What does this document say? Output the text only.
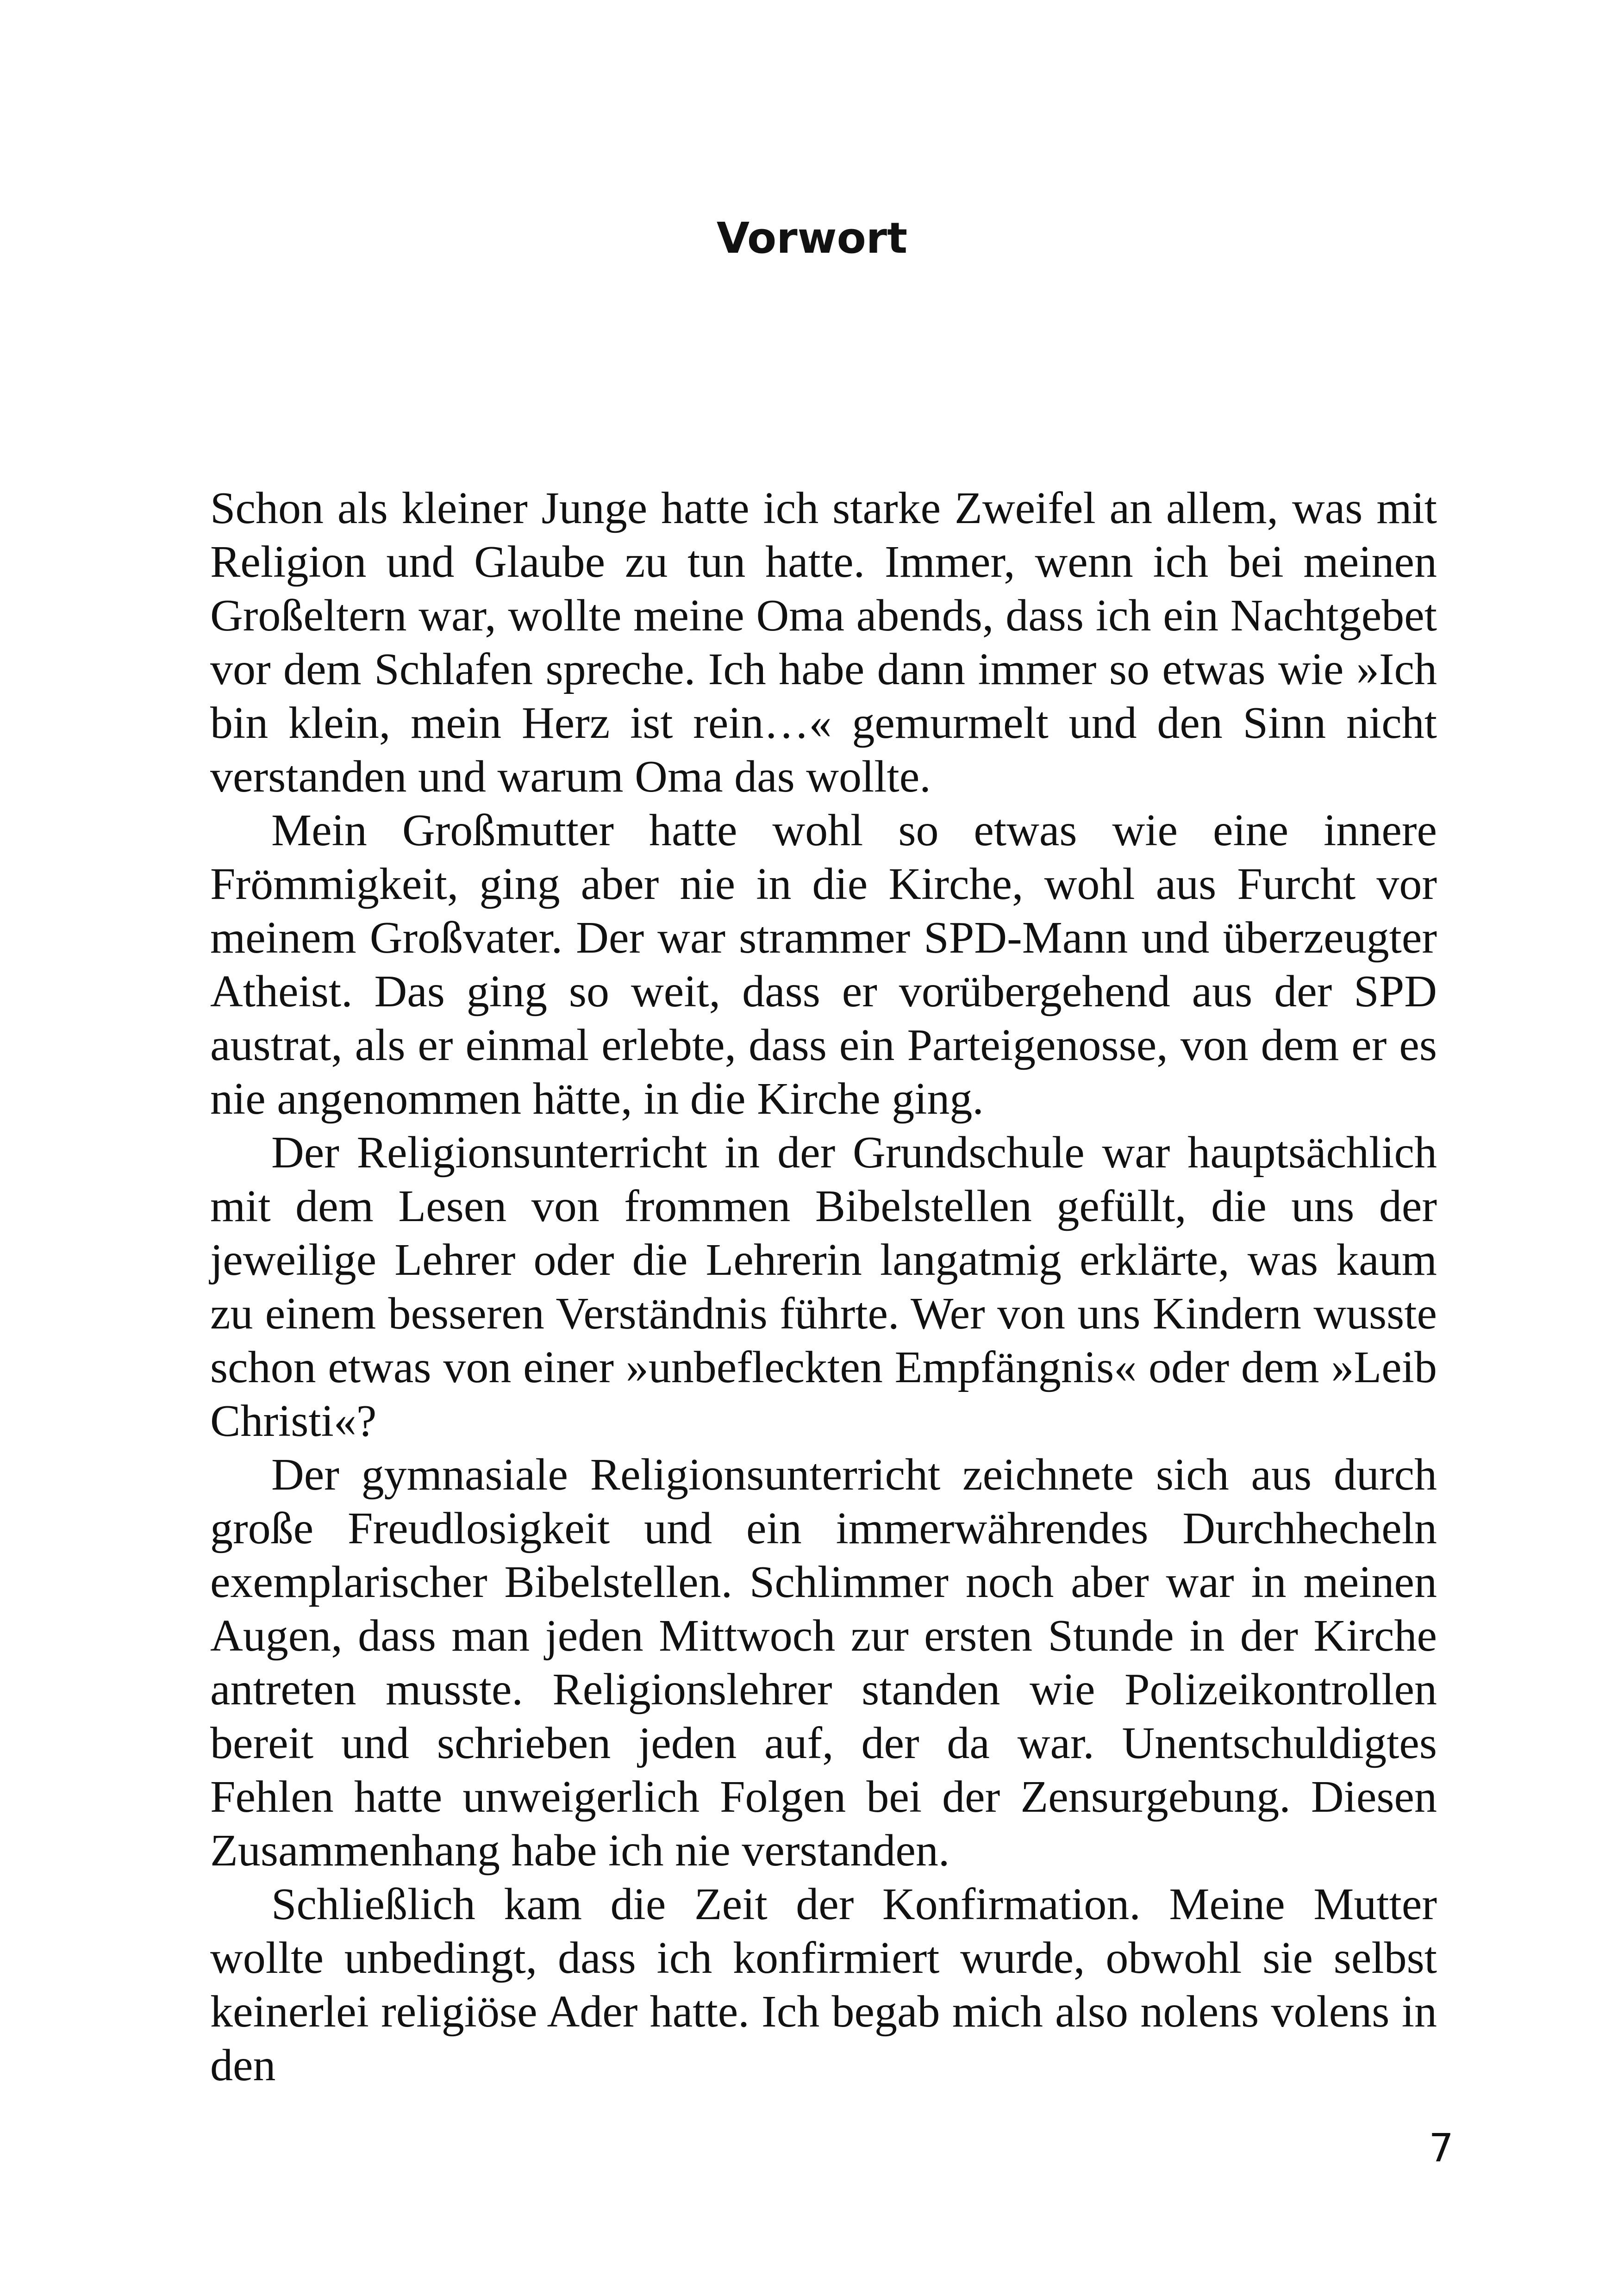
Vorwort

Schon als kleiner Junge hatte ich starke Zweifel an allem, was mit Religion und Glaube zu tun hatte. Immer, wenn ich bei meinen Großeltern war, wollte meine Oma abends, dass ich ein Nachtgebet vor dem Schlafen spreche. Ich habe dann immer so etwas wie »Ich bin klein, mein Herz ist rein…« gemurmelt und den Sinn nicht verstanden und warum Oma das wollte.

Mein Großmutter hatte wohl so etwas wie eine innere Frömmigkeit, ging aber nie in die Kirche, wohl aus Furcht vor meinem Großvater. Der war strammer SPD-Mann und überzeugter Atheist. Das ging so weit, dass er vorübergehend aus der SPD austrat, als er einmal erlebte, dass ein Parteigenosse, von dem er es nie angenommen hätte, in die Kirche ging.

Der Religionsunterricht in der Grundschule war hauptsächlich mit dem Lesen von frommen Bibelstellen gefüllt, die uns der jeweilige Lehrer oder die Lehrerin langatmig erklärte, was kaum zu einem besseren Verständnis führte. Wer von uns Kindern wusste schon etwas von einer »unbefleckten Empfängnis« oder dem »Leib Christi«?

Der gymnasiale Religionsunterricht zeichnete sich aus durch große Freudlosigkeit und ein immerwährendes Durchhecheln exemplarischer Bibelstellen. Schlimmer noch aber war in meinen Augen, dass man jeden Mittwoch zur ersten Stunde in der Kirche antreten musste. Religionslehrer standen wie Polizeikontrollen bereit und schrieben jeden auf, der da war. Unentschuldigtes Fehlen hatte unweigerlich Folgen bei der Zensurgebung. Diesen Zusammenhang habe ich nie verstanden.

Schließlich kam die Zeit der Konfirmation. Meine Mutter wollte unbedingt, dass ich konfirmiert wurde, obwohl sie selbst keinerlei religiöse Ader hatte. Ich begab mich also nolens volens in den

7
